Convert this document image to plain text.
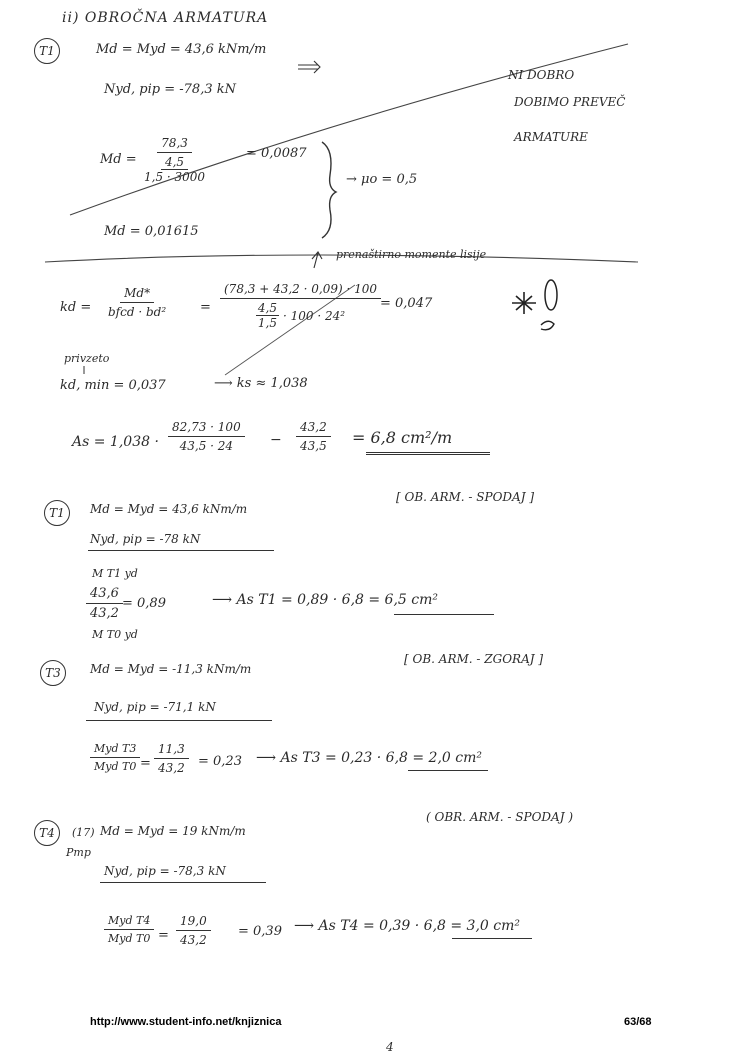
ii) OBROČNA ARMATURA
T1	Md = Myd = 43,6 kNm/m
Nyd, pip = -78,3 kN
NI DOBRO
DOBIMO PREVEČ
ARMATURE
Md = 78,3
4,5
1,5 · 3000	= 0,0087
→ μo = 0,5
Md = 0,01615
prenaštirno momente lisije
kd =
Md*
bfcd · bd²	= (78,3 + 43,2 · 0,09) · 100
4,5
1,5
· 100 · 24² = 0,047
privzeto
kd, min = 0,037	⟶ ks ≈ 1,038
$As = 1,038 \cdot \frac{82,73 \cdot 100}{43,5 \cdot 24} - \frac{43,2}{43,5} = 6,8$ cm²/m
T1	Md = Myd = 43,6 kNm/m
[ OB. ARM. - SPODAJ ]
Nyd, pip = -78 kN
M T1 yd
$\frac{43,6}{43,2}$
M T0 yd
= 0,89	⟶ As T1 = 0,89 · 6,8 = 6,5 cm²
T3	Md = Myd = -11,3 kNm/m
[ OB. ARM. - ZGORAJ ]
Nyd, pip = -71,1 kN
Myd T3
Myd $T0 = \frac{11,3}{43,2} = 0,23$ ⟶ As T3 = 0,23 · 6,8 = 2,0 cm²
T4	(17) Md = Myd = 19 kNm/m
Pmp
( OBR. ARM. - SPODAJ )
Nyd, pip = -78,3 kN
Myd T4
Myd $T0 = \frac{19,0}{43,2} = 0,39$ ⟶ As T4 = 0,39 · 6,8 = 3,0 cm²
http://www.student-info.net/knjiznica	63/68
4
